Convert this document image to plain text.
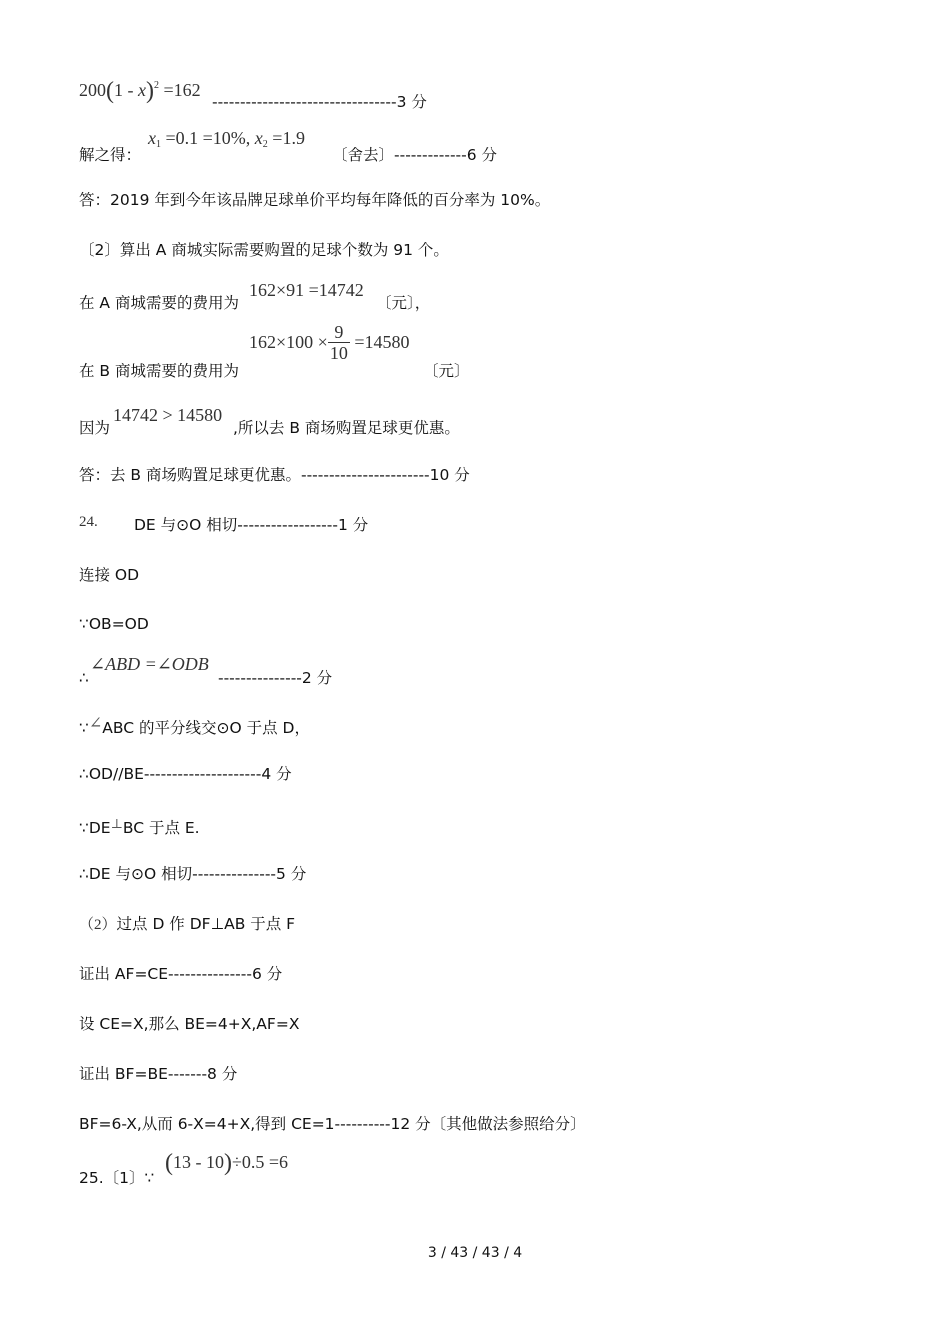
200(1 - x)$^2$ =162
---------------------------------3 分
解之得：
$x_1 =0.1 =10\%$, $x_2 =1.9$
〔舍去〕-------------6 分
答：2019 年到今年该品牌足球单价平均每年降低的百分率为 10%。
〔2〕算出 A 商城实际需要购置的足球个数为 91 个。
在 A 商城需要的费用为
162×91 =14742
〔元〕，
在 B 商城需要的费用为
$162\times 100 \times \frac{9}{10} =14580$
〔元〕
因为
14742 > 14580
,所以去 B 商场购置足球更优惠。
答：去 B 商场购置足球更优惠。-----------------------10 分
24. DE 与⊙O 相切------------------1 分
连接 OD
∵OB=OD
∴
∠ABD =∠ODB
---------------2 分
∵∠ABC 的平分线交⊙O 于点 D，
∴OD//BE---------------------4 分
∵DE⊥BC 于点 E.
∴DE 与⊙O 相切---------------5 分
（2）过点 D 作 DF⊥AB 于点 F
证出 AF=CE---------------6 分
设 CE=X,那么 BE=4+X,AF=X
证出 BF=BE-------8 分
BF=6-X,从而 6-X=4+X,得到 CE=1----------12 分〔其他做法参照给分〕
25.〔1〕∵
(13 - 10)÷0.5 =6
3 / 43 / 43 / 4
